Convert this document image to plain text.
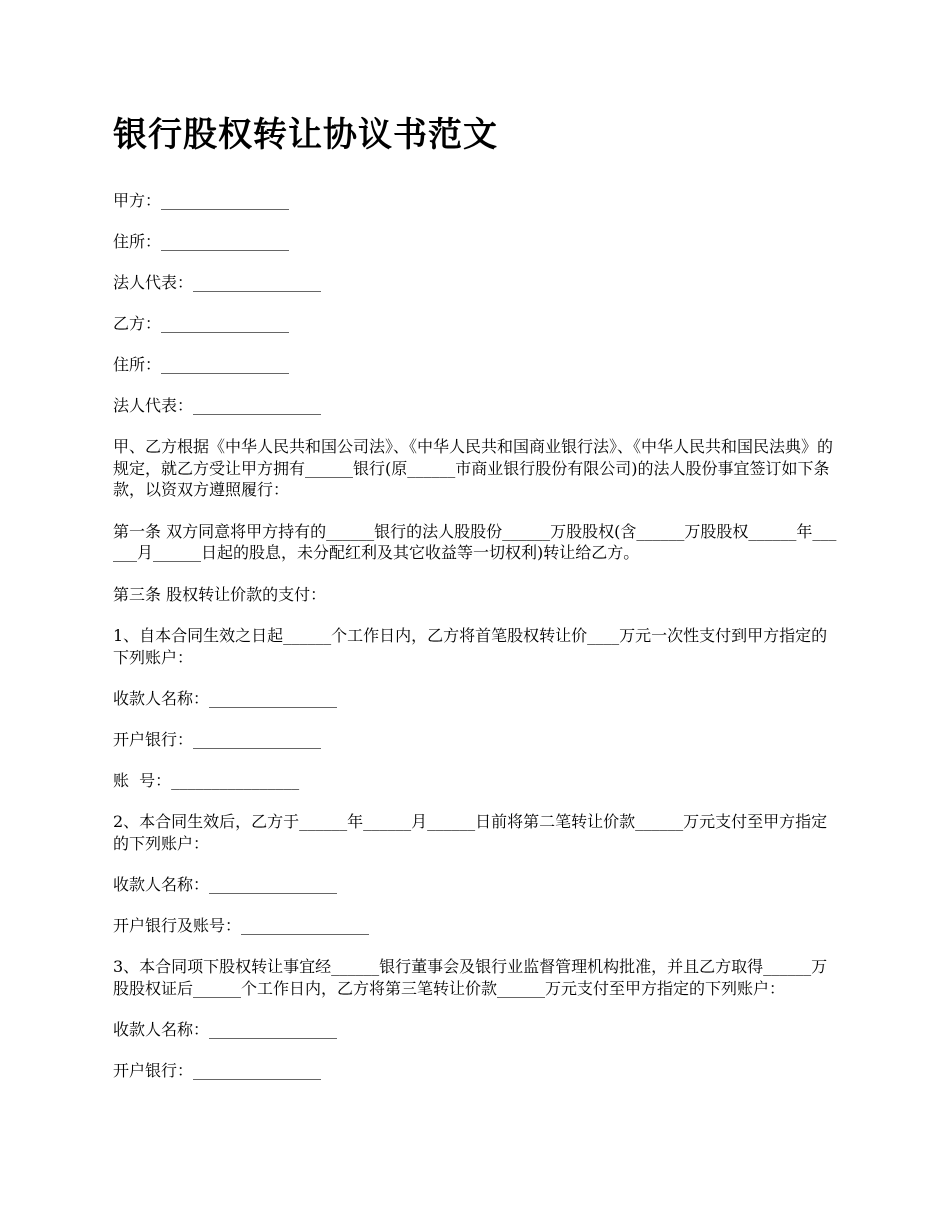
银行股权转让协议书范文

甲方：________________

住所：________________

法人代表：________________

乙方：________________

住所：________________

法人代表：________________

甲、乙方根据《中华人民共和国公司法》、《中华人民共和国商业银行法》、《中华人民共和国民法典》的规定，就乙方受让甲方拥有______银行(原______市商业银行股份有限公司)的法人股份事宜签订如下条款，以资双方遵照履行：

第一条 双方同意将甲方持有的______银行的法人股股份______万股股权(含______万股股权______年______月______日起的股息，未分配红利及其它收益等一切权利)转让给乙方。

第三条 股权转让价款的支付：

1、自本合同生效之日起______个工作日内，乙方将首笔股权转让价____万元一次性支付到甲方指定的下列账户：

收款人名称：________________

开户银行：________________

账  号：________________

2、本合同生效后，乙方于______年______月______日前将第二笔转让价款______万元支付至甲方指定的下列账户：

收款人名称：________________

开户银行及账号：________________

3、本合同项下股权转让事宜经______银行董事会及银行业监督管理机构批准，并且乙方取得______万股股权证后______个工作日内，乙方将第三笔转让价款______万元支付至甲方指定的下列账户：

收款人名称：________________

开户银行：________________
